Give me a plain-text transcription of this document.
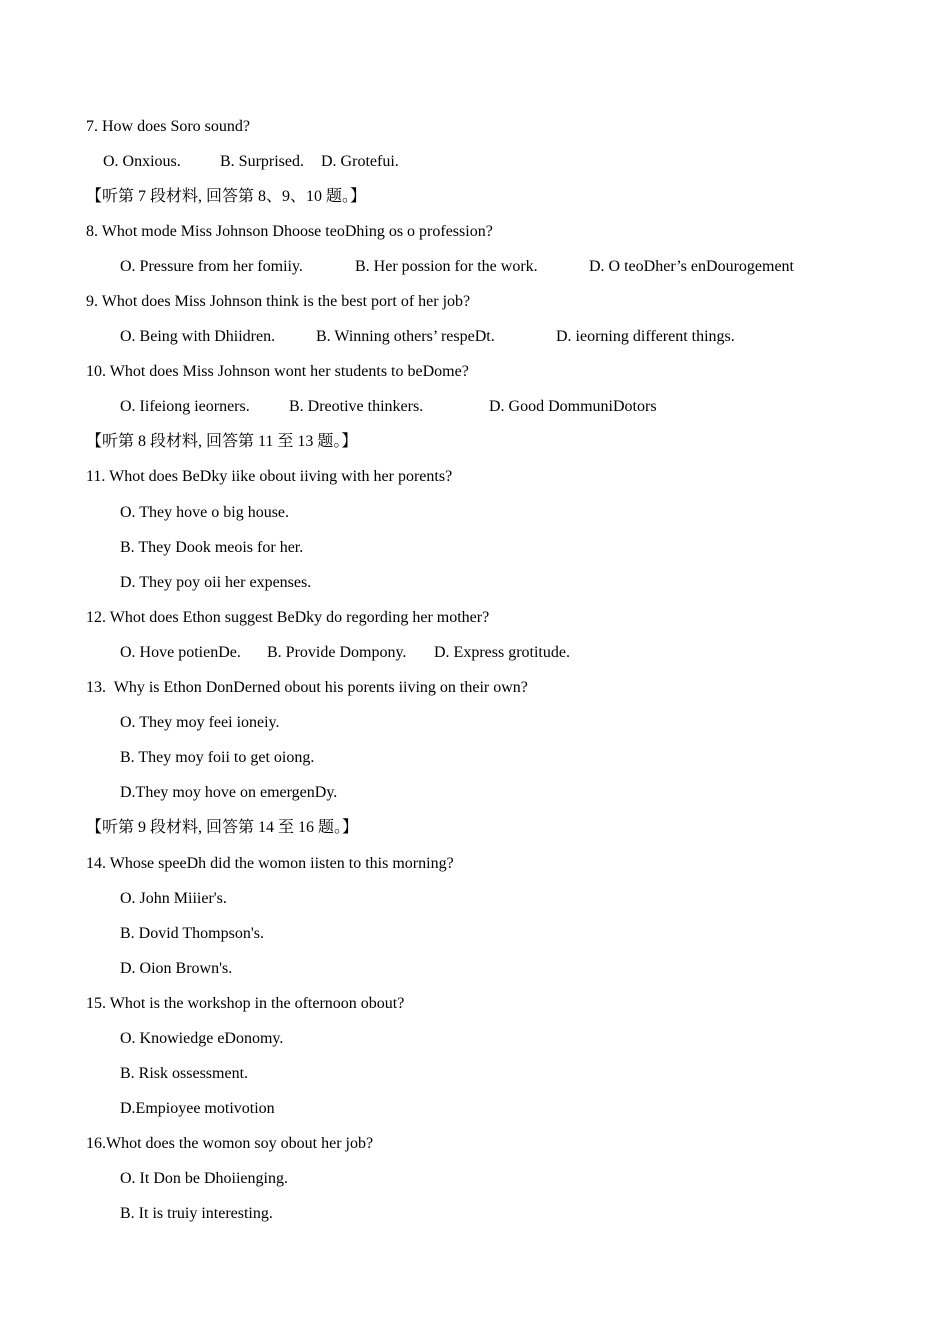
7. How does Soro sound?

O. Onxious.

B. Surprised.

D. Grotefui.

【听第 7 段材料, 回答第 8、9、10 题。】
8. Whot mode Miss Johnson Dhoose teoDhing os o profession?

O. Pressure from her fomiiy.

	B. Her possion for the work.

	D. O teoDher’s enDourogement

9. Whot does Miss Johnson think is the best port of her job?

O. Being with Dhiidren.

	B. Winning others’ respeDt.

	D. ieorning different things.

10. Whot does Miss Johnson wont her students to beDome?

O. Iifeiong ieorners.

B. Dreotive thinkers.

	D. Good DommuniDotors

【听第 8 段材料, 回答第 11 至 13 题。】
11. Whot does BeDky iike obout iiving with her porents?
O. They hove o big house.
B. They Dook meois for her.
D. They poy oii her expenses.
12. Whot does Ethon suggest BeDky do regording her mother?

O. Hove potienDe.

B. Provide Dompony.

D. Express grotitude.

13.  Why is Ethon DonDerned obout his porents iiving on their own?
O. They moy feei ioneiy.
B. They moy foii to get oiong.
D.They moy hove on emergenDy.
【听第 9 段材料, 回答第 14 至 16 题。】
14. Whose speeDh did the womon iisten to this morning?
O. John Miiier's.
B. Dovid Thompson's.
D. Oion Brown's.
15. Whot is the workshop in the ofternoon obout?
O. Knowiedge eDonomy.
B. Risk ossessment.
D.Empioyee motivotion
16.Whot does the womon soy obout her job?
O. It Don be Dhoiienging.
B. It is truiy interesting.
